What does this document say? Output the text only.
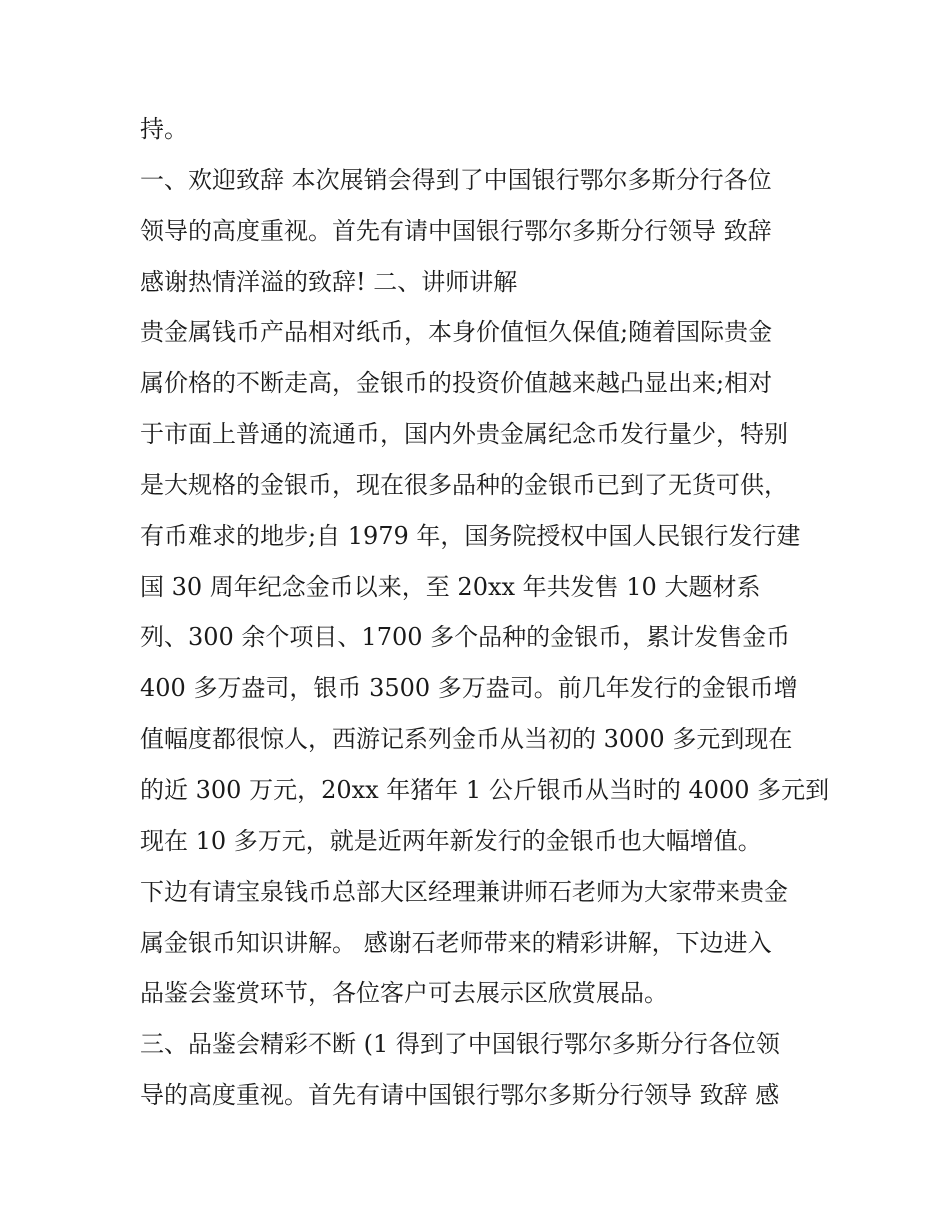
持。
一、欢迎致辞 本次展销会得到了中国银行鄂尔多斯分行各位
领导的高度重视。首先有请中国银行鄂尔多斯分行领导 致辞
感谢热情洋溢的致辞! 二、讲师讲解
贵金属钱币产品相对纸币，本身价值恒久保值;随着国际贵金
属价格的不断走高，金银币的投资价值越来越凸显出来;相对
于市面上普通的流通币，国内外贵金属纪念币发行量少，特别
是大规格的金银币，现在很多品种的金银币已到了无货可供，
有币难求的地步;自 1979 年，国务院授权中国人民银行发行建
国 30 周年纪念金币以来，至 20xx 年共发售 10 大题材系
列、300 余个项目、1700 多个品种的金银币，累计发售金币
400 多万盎司，银币 3500 多万盎司。前几年发行的金银币增
值幅度都很惊人，西游记系列金币从当初的 3000 多元到现在
的近 300 万元，20xx 年猪年 1 公斤银币从当时的 4000 多元到
现在 10 多万元，就是近两年新发行的金银币也大幅增值。
下边有请宝泉钱币总部大区经理兼讲师石老师为大家带来贵金
属金银币知识讲解。 感谢石老师带来的精彩讲解，下边进入
品鉴会鉴赏环节，各位客户可去展示区欣赏展品。
三、品鉴会精彩不断 (1 得到了中国银行鄂尔多斯分行各位领
导的高度重视。首先有请中国银行鄂尔多斯分行领导 致辞 感
